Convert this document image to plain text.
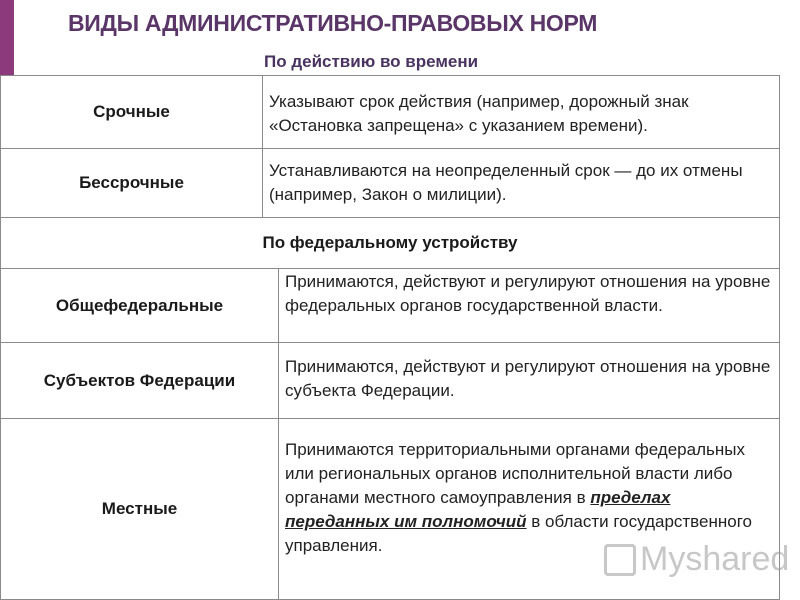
ВИДЫ АДМИНИСТРАТИВНО-ПРАВОВЫХ НОРМ
По действию во времени
Срочные
Указывают срок действия (например, дорожный знак «Остановка запрещена» с указанием времени).
Бессрочные
Устанавливаются на неопределенный срок — до их отмены (например, Закон о милиции).
По федеральному устройству
Общефедеральные
Принимаются, действуют и регулируют отношения на уровне федеральных органов государственной власти.
Субъектов Федерации
Принимаются, действуют и регулируют отношения на уровне субъекта Федерации.
Местные
Принимаются территориальными органами федеральных или региональных органов исполнительной власти либо органами местного самоуправления в пределах переданных им полномочий в области государственного управления.	Myshared
